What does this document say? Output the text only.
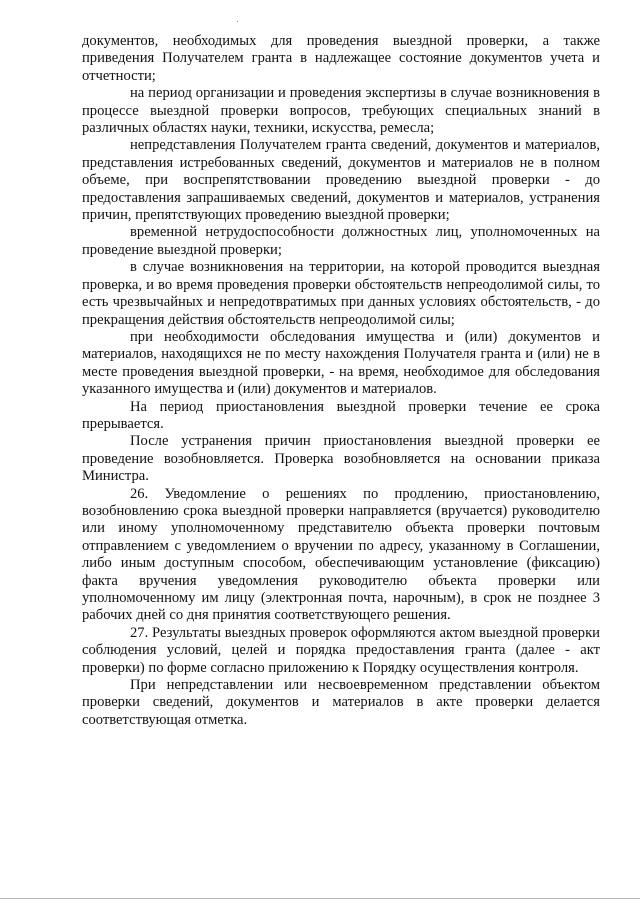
документов, необходимых для проведения выездной проверки, а также приведения Получателем гранта в надлежащее состояние документов учета и отчетности;

на период организации и проведения экспертизы в случае возникновения в процессе выездной проверки вопросов, требующих специальных знаний в различных областях науки, техники, искусства, ремесла;

непредставления Получателем гранта сведений, документов и материалов, представления истребованных сведений, документов и материалов не в полном объеме, при воспрепятствовании проведению выездной проверки - до предоставления запрашиваемых сведений, документов и материалов, устранения причин, препятствующих проведению выездной проверки;

временной нетрудоспособности должностных лиц, уполномоченных на проведение выездной проверки;

в случае возникновения на территории, на которой проводится выездная проверка, и во время проведения проверки обстоятельств непреодолимой силы, то есть чрезвычайных и непредотвратимых при данных условиях обстоятельств, - до прекращения действия обстоятельств непреодолимой силы;

при необходимости обследования имущества и (или) документов и материалов, находящихся не по месту нахождения Получателя гранта и (или) не в месте проведения выездной проверки, - на время, необходимое для обследования указанного имущества и (или) документов и материалов.

На период приостановления выездной проверки течение ее срока прерывается.

После устранения причин приостановления выездной проверки ее проведение возобновляется. Проверка возобновляется на основании приказа Министра.

26. Уведомление о решениях по продлению, приостановлению, возобновлению срока выездной проверки направляется (вручается) руководителю или иному уполномоченному представителю объекта проверки почтовым отправлением с уведомлением о вручении по адресу, указанному в Соглашении, либо иным доступным способом, обеспечивающим установление (фиксацию) факта вручения уведомления руководителю объекта проверки или уполномоченному им лицу (электронная почта, нарочным), в срок не позднее 3 рабочих дней со дня принятия соответствующего решения.

27. Результаты выездных проверок оформляются актом выездной проверки соблюдения условий, целей и порядка предоставления гранта (далее - акт проверки) по форме согласно приложению к Порядку осуществления контроля.

При непредставлении или несвоевременном представлении объектом проверки сведений, документов и материалов в акте проверки делается соответствующая отметка.
